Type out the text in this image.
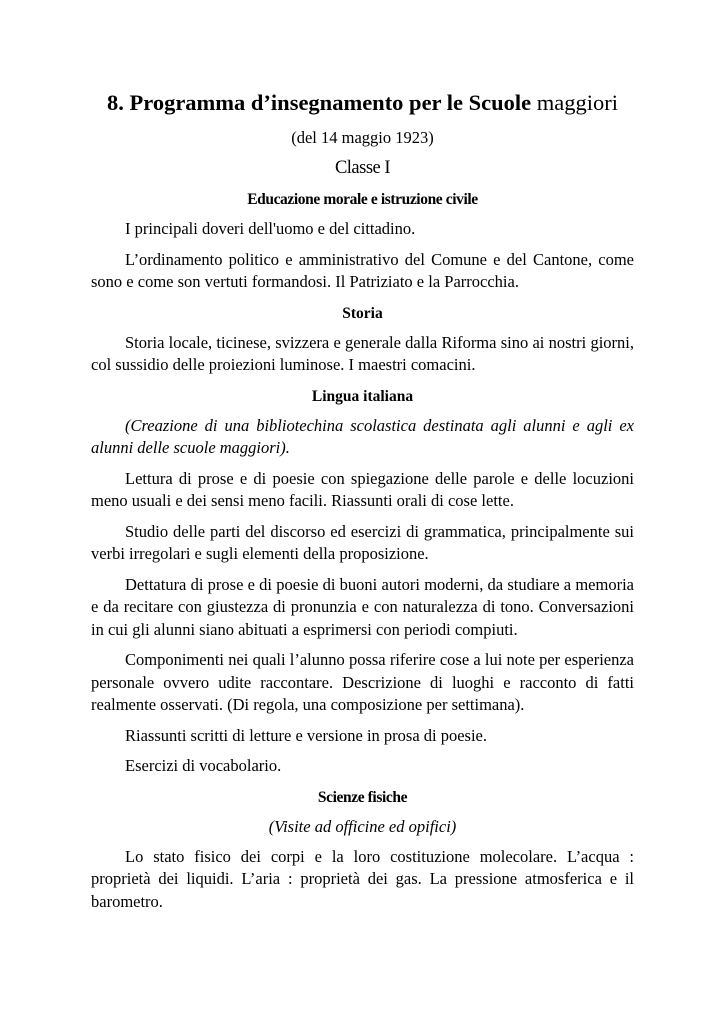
8. Programma d’insegnamento per le Scuole maggiori
(del 14 maggio 1923)
Classe I
Educazione morale e istruzione civile

I principali doveri dell'uomo e del cittadino.

L’ordinamento politico e amministrativo del Comune e del Cantone, come sono e come son vertuti formandosi. Il Patriziato e la Parrocchia.

Storia

Storia locale, ticinese, svizzera e generale dalla Riforma sino ai nostri giorni, col sussidio delle proiezioni luminose. I maestri comacini.

Lingua italiana

(Creazione di una bibliotechina scolastica destinata agli alunni e agli ex alunni delle scuole maggiori).

Lettura di prose e di poesie con spiegazione delle parole e delle locuzioni meno usuali e dei sensi meno facili. Riassunti orali di cose lette.

Studio delle parti del discorso ed esercizi di grammatica, principalmente sui verbi irregolari e sugli elementi della proposizione.

Dettatura di prose e di poesie di buoni autori moderni, da studiare a memoria e da recitare con giustezza di pronunzia e con naturalezza di tono. Conversazioni in cui gli alunni siano abituati a esprimersi con periodi compiuti.

Componimenti nei quali l’alunno possa riferire cose a lui note per esperienza personale ovvero udite raccontare. Descrizione di luoghi e racconto di fatti realmente osservati. (Di regola, una composizione per settimana).

Riassunti scritti di letture e versione in prosa di poesie.

Esercizi di vocabolario.

Scienze fisiche
(Visite ad officine ed opifici)

Lo stato fisico dei corpi e la loro costituzione molecolare. L’acqua : proprietà dei liquidi. L’aria : proprietà dei gas. La pressione atmosferica e il barometro.
